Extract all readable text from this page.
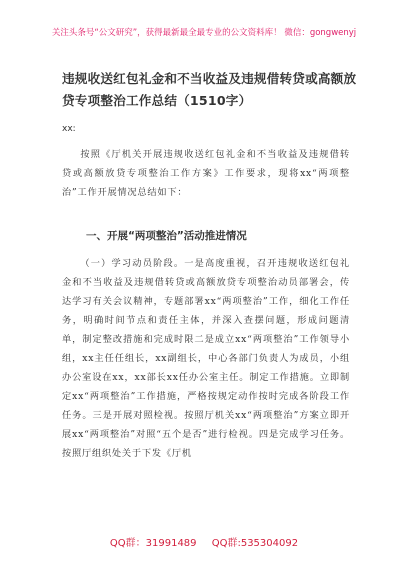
关注头条号“公文研究”，获得最新最全最专业的公文资料库！ 微信：gongwenyj
违规收送红包礼金和不当收益及违规借转贷或高额放贷专项整治工作总结（1510字）
xx:

按照《厅机关开展违规收送红包礼金和不当收益及违规借转贷或高额放贷专项整治工作方案》工作要求，现将xx“两项整治”工作开展情况总结如下：

一、开展“两项整治”活动推进情况

（一）学习动员阶段。一是高度重视，召开违规收送红包礼金和不当收益及违规借转贷或高额放贷专项整治动员部署会，传达学习有关会议精神，专题部署xx“两项整治”工作，细化工作任务，明确时间节点和责任主体，并深入查摆问题，形成问题清单，制定整改措施和完成时限二是成立xx“两项整治”工作领导小组，xx主任任组长，xx副组长，中心各部门负责人为成员，小组办公室设在xx，xx部长xx任办公室主任。制定工作措施。立即制定xx“两项整治”工作措施，严格按规定动作按时完成各阶段工作任务。三是开展对照检视。按照厅机关xx“两项整治”方案立即开展xx“两项整治”对照“五个是否”进行检视。四是完成学习任务。按照厅组织处关于下发《厅机

QQ群：31991489 QQ群:535304092
